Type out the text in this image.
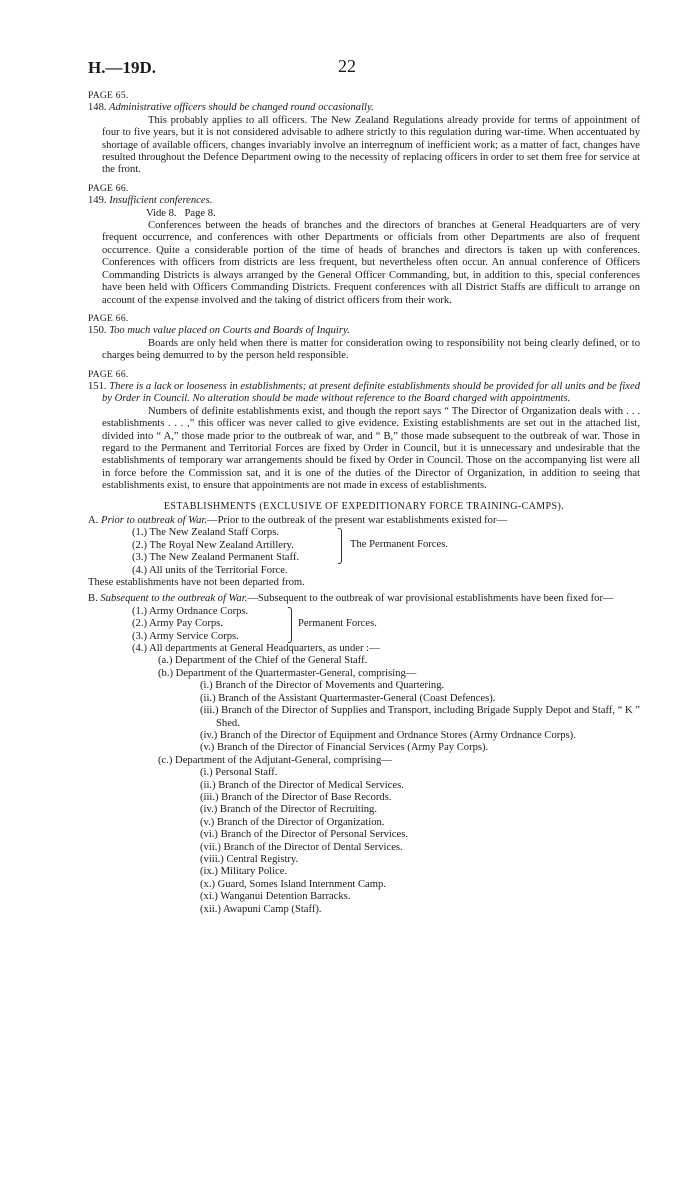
H.—19D.	22

PAGE 65.

148. Administrative officers should be changed round occasionally.

This probably applies to all officers. The New Zealand Regulations already provide for terms of appointment of four to five years, but it is not considered advisable to adhere strictly to this regulation during war-time. When accentuated by shortage of available officers, changes invariably involve an interregnum of inefficient work; as a matter of fact, changes have resulted throughout the Defence Department owing to the necessity of replacing officers in order to set them free for service at the front.

PAGE 66.

149. Insufficient conferences.

Vide 8. Page 8.

Conferences between the heads of branches and the directors of branches at General Headquarters are of very frequent occurrence, and conferences with other Departments or officials from other Departments are also of frequent occurrence. Quite a considerable portion of the time of heads of branches and directors is taken up with conferences. Conferences with officers from districts are less frequent, but nevertheless often occur. An annual conference of Officers Commanding Districts is always arranged by the General Officer Commanding, but, in addition to this, special conferences have been held with Officers Commanding Districts. Frequent conferences with all District Staffs are difficult to arrange on account of the expense involved and the taking of district officers from their work.

PAGE 66.

150. Too much value placed on Courts and Boards of Inquiry.

Boards are only held when there is matter for consideration owing to responsibility not being clearly defined, or to charges being demurred to by the person held responsible.

PAGE 66.

151. There is a lack or looseness in establishments; at present definite establishments should be provided for all units and be fixed by Order in Council. No alteration should be made without reference to the Board charged with appointments.

Numbers of definite establishments exist, and though the report says “ The Director of Organization deals with . . . establishments . . . ,” this officer was never called to give evidence. Existing establishments are set out in the attached list, divided into “ A,” those made prior to the outbreak of war, and “ B,” those made subsequent to the outbreak of war. Those in regard to the Permanent and Territorial Forces are fixed by Order in Council, but it is unnecessary and undesirable that the establishments of temporary war arrangements should be fixed by Order in Council. Those on the accompanying list were all in force before the Commission sat, and it is one of the duties of the Director of Organization, in addition to seeing that establishments exist, to ensure that appointments are not made in excess of establishments.

ESTABLISHMENTS (EXCLUSIVE OF EXPEDITIONARY FORCE TRAINING-CAMPS).

A. Prior to outbreak of War.—Prior to the outbreak of the present war establishments existed for—

(1.) The New Zealand Staff Corps.

(2.) The Royal New Zealand Artillery.

(3.) The New Zealand Permanent Staff.

(4.) All units of the Territorial Force.

The Permanent Forces.

These establishments have not been departed from.

B. Subsequent to the outbreak of War.—Subsequent to the outbreak of war provisional establishments have been fixed for—

(1.) Army Ordnance Corps.

(2.) Army Pay Corps.

(3.) Army Service Corps.

Permanent Forces.

(4.) All departments at General Headquarters, as under :—

(a.) Department of the Chief of the General Staff.

(b.) Department of the Quartermaster-General, comprising—

(i.) Branch of the Director of Movements and Quartering.

(ii.) Branch of the Assistant Quartermaster-General (Coast Defences).

(iii.) Branch of the Director of Supplies and Transport, including Brigade Supply Depot and Staff, “ K ” Shed.

(iv.) Branch of the Director of Equipment and Ordnance Stores (Army Ordnance Corps).

(v.) Branch of the Director of Financial Services (Army Pay Corps).

(c.) Department of the Adjutant-General, comprising—

(i.) Personal Staff.

(ii.) Branch of the Director of Medical Services.

(iii.) Branch of the Director of Base Records.

(iv.) Branch of the Director of Recruiting.

(v.) Branch of the Director of Organization.

(vi.) Branch of the Director of Personal Services.

(vii.) Branch of the Director of Dental Services.

(viii.) Central Registry.

(ix.) Military Police.

(x.) Guard, Somes Island Internment Camp.

(xi.) Wanganui Detention Barracks.

(xii.) Awapuni Camp (Staff).
